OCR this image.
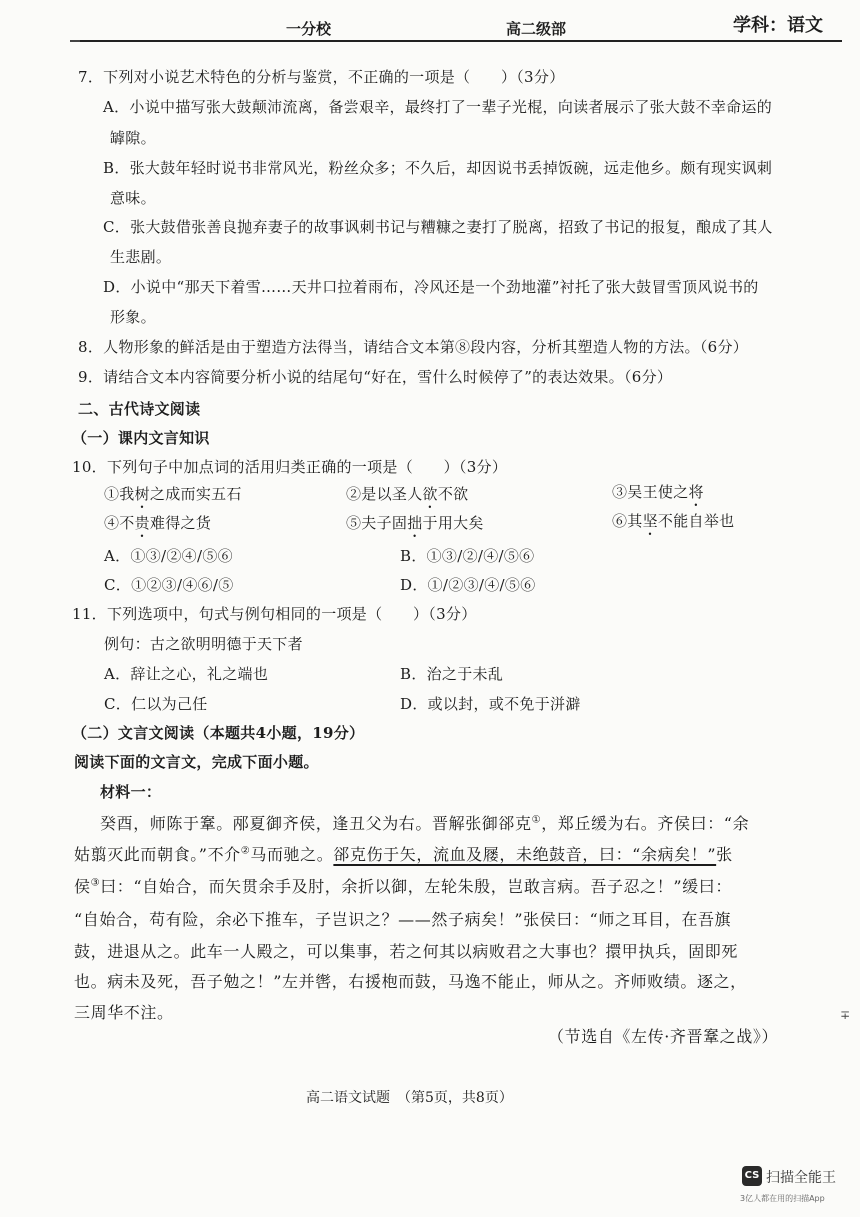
一分校	高二级部	学科：语文
7．下列对小说艺术特色的分析与鉴赏，不正确的一项是（　　）（3分）
A．小说中描写张大鼓颠沛流离，备尝艰辛，最终打了一辈子光棍，向读者展示了张大鼓不幸命运的
罅隙。
B．张大鼓年轻时说书非常风光，粉丝众多；不久后，却因说书丢掉饭碗，远走他乡。颇有现实讽刺
意味。
C．张大鼓借张善良抛弃妻子的故事讽刺书记与糟糠之妻打了脱离，招致了书记的报复，酿成了其人
生悲剧。
D．小说中“那天下着雪……天井口拉着雨布，冷风还是一个劲地灌”衬托了张大鼓冒雪顶风说书的
形象。
8．人物形象的鲜活是由于塑造方法得当，请结合文本第⑧段内容，分析其塑造人物的方法。（6分）
9．请结合文本内容简要分析小说的结尾句“好在，雪什么时候停了”的表达效果。（6分）
二、古代诗文阅读
（一）课内文言知识
10．下列句子中加点词的活用归类正确的一项是（　　）（3分）
①我树之成而实五石	②是以圣人欲不欲	③吴王使之将
④不贵难得之货	⑤夫子固拙于用大矣	⑥其坚不能自举也
A．①③/②④/⑤⑥	B．①③/②/④/⑤⑥
C．①②③/④⑥/⑤	D．①/②③/④/⑤⑥
11．下列选项中，句式与例句相同的一项是（　　）（3分）
例句：古之欲明明德于天下者
A．辞让之心，礼之端也	B．治之于未乱
C．仁以为己任	D．或以封，或不免于洴澼
（二）文言文阅读（本题共4小题，19分）
阅读下面的文言文，完成下面小题。
材料一：
癸酉，师陈于鞌。邴夏御齐侯，逢丑父为右。晋解张御郤克①，郑丘缓为右。齐侯曰：“余
姑翦灭此而朝食。”不介②马而驰之。郤克伤于矢，流血及屦，未绝鼓音，曰：“余病矣！”张
侯③曰：“自始合，而矢贯余手及肘，余折以御，左轮朱殷，岂敢言病。吾子忍之！”缓曰：
“自始合，苟有险，余必下推车，子岂识之？——然子病矣！”张侯曰：“师之耳目，在吾旗
鼓，进退从之。此车一人殿之，可以集事，若之何其以病败君之大事也？擐甲执兵，固即死
也。病未及死，吾子勉之！”左并辔，右援枹而鼓，马逸不能止，师从之。齐师败绩。逐之，
三周华不注。	∓
（节选自《左传·齐晋鞌之战》）
高二语文试题　（第5页，共8页）
CS 扫描全能王
3亿人都在用的扫描App
